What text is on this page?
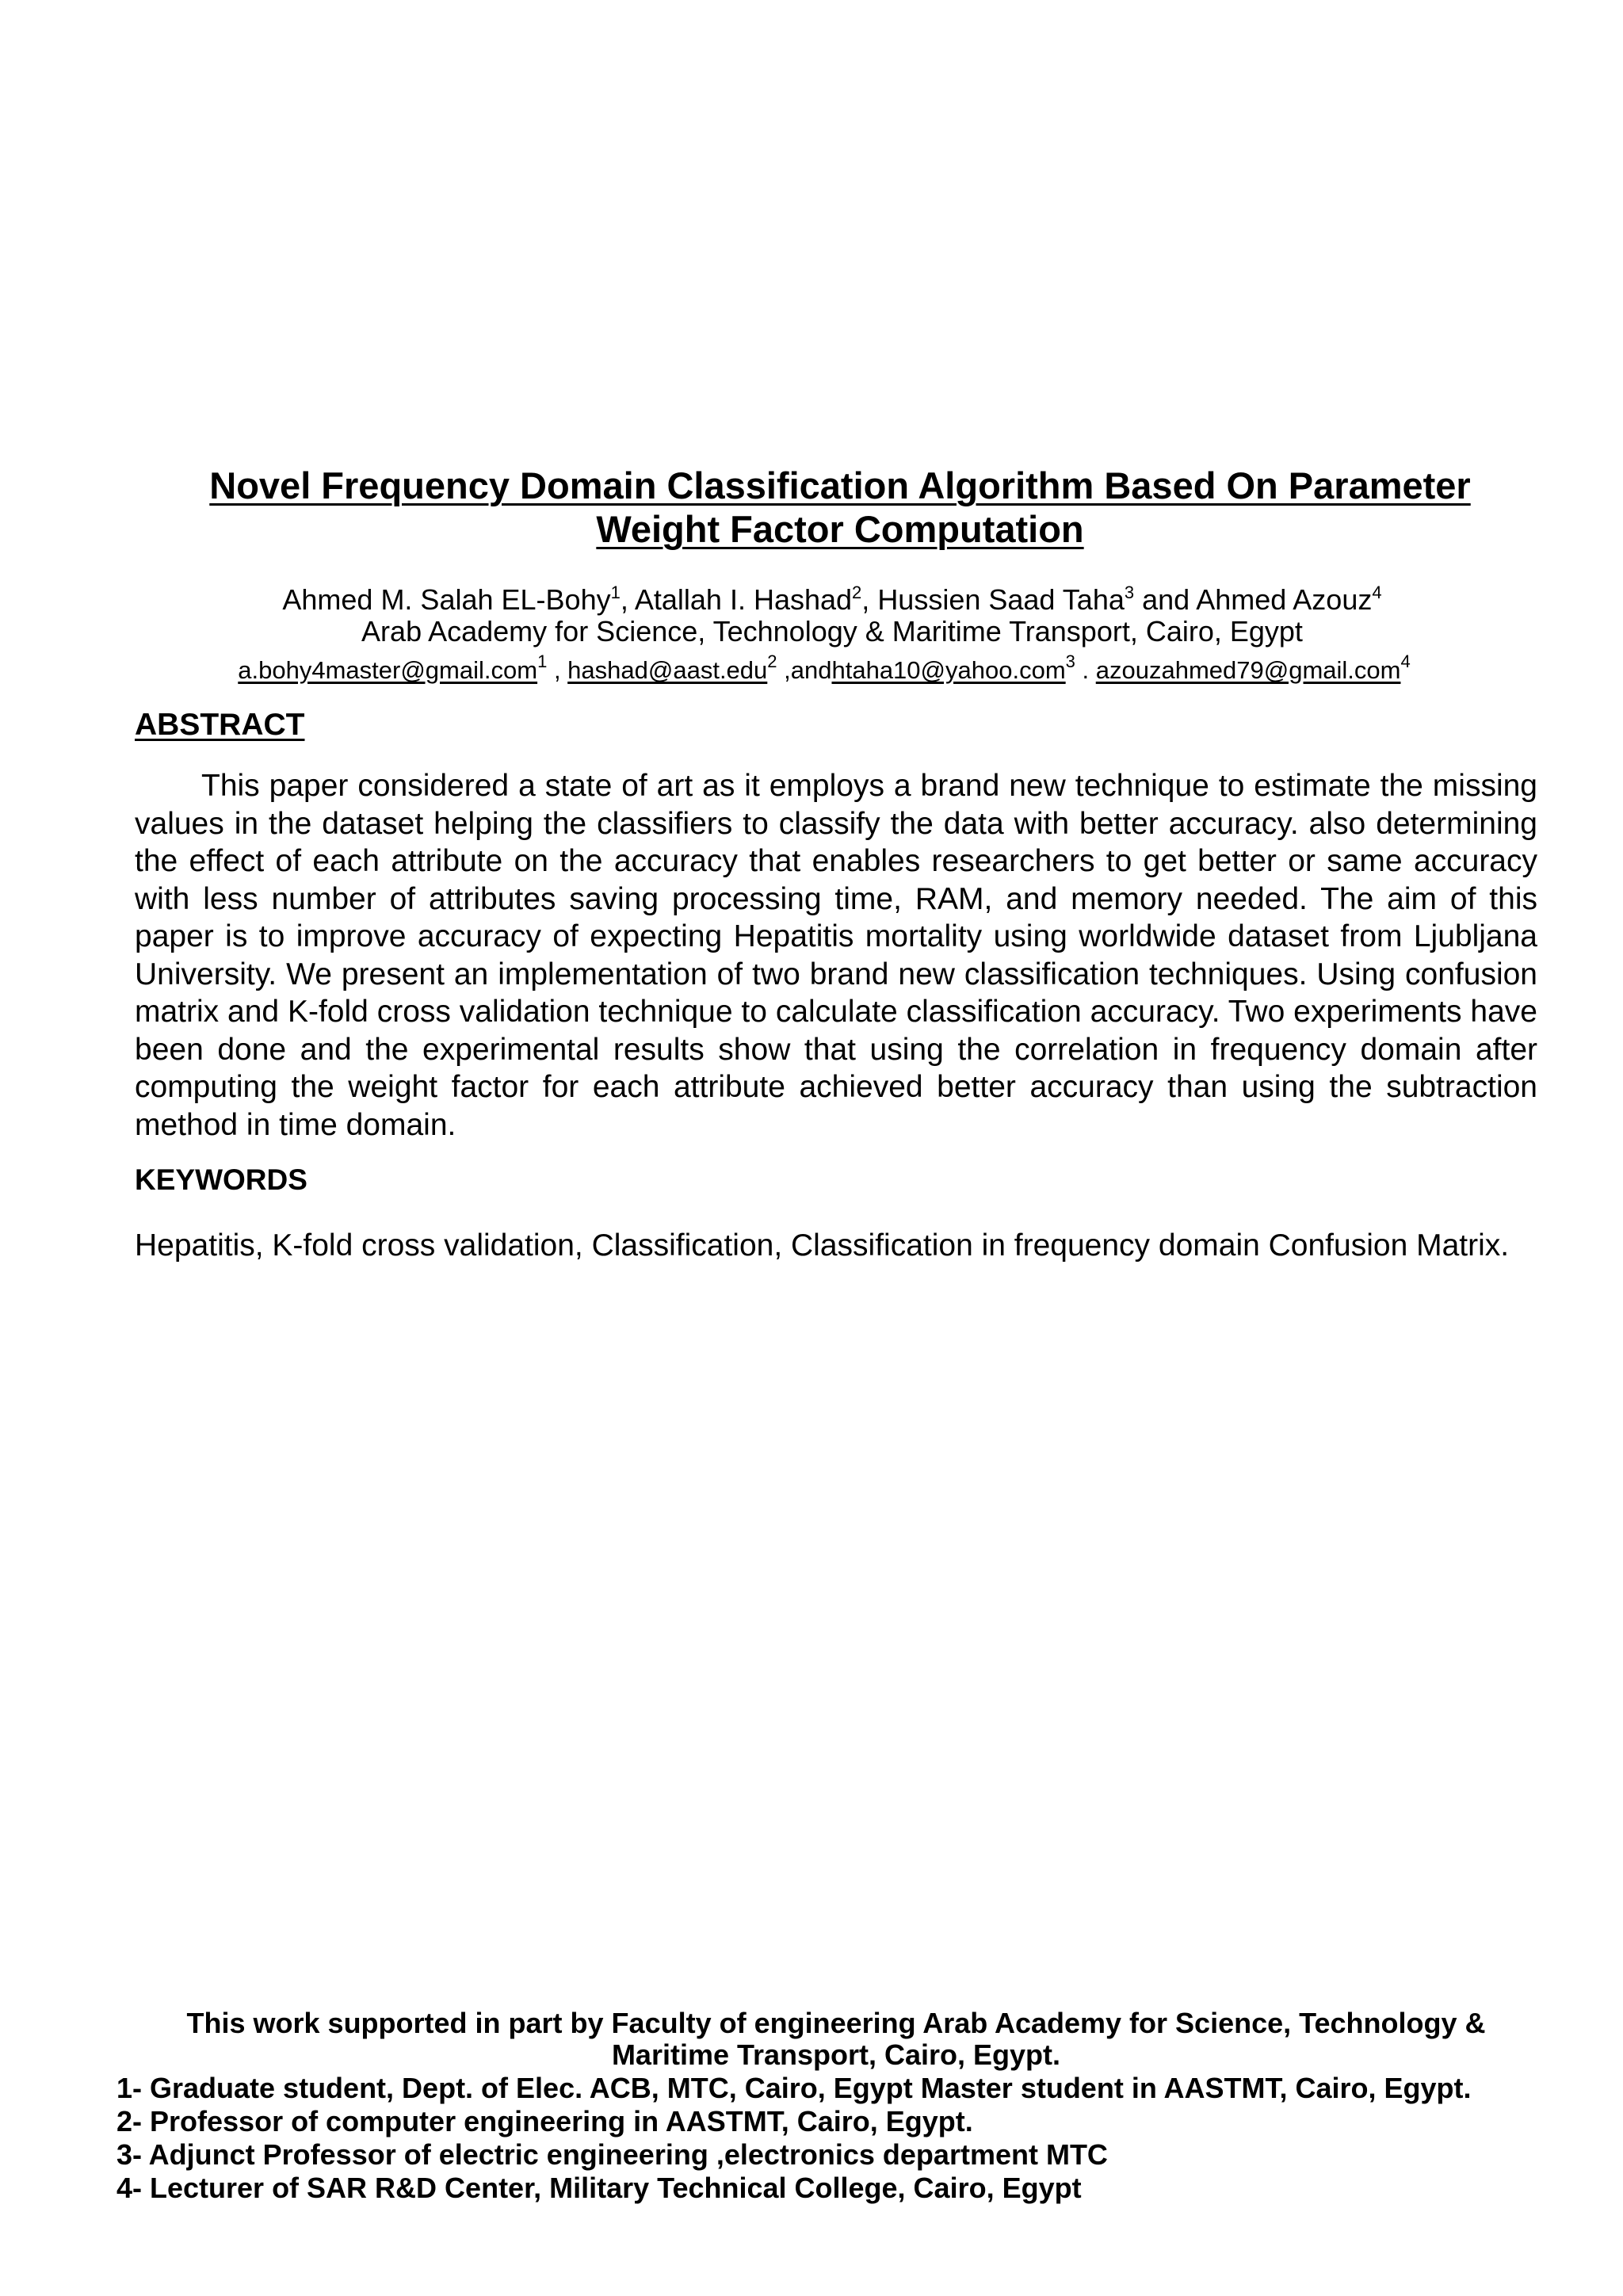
Novel Frequency Domain Classification Algorithm Based On Parameter
Weight Factor Computation
Ahmed M. Salah EL-Bohy$^1$, Atallah I. Hashad$^2$, Hussien Saad Taha$^3$ and Ahmed Azouz$^4$
Arab Academy for Science, Technology & Maritime Transport, Cairo, Egypt
a.bohy4master@gmail.com$^1$ , hashad@aast.edu$^2$ ,andhtaha10@yahoo.com$^3$ . azouzahmed79@gmail.com$^4$
ABSTRACT
This paper considered a state of art as it employs a brand new technique to estimate the missing values in the dataset helping the classifiers to classify the data with better accuracy. also determining the effect of each attribute on the accuracy that enables researchers to get better or same accuracy with less number of attributes saving processing time, RAM, and memory needed. The aim of this paper is to improve accuracy of expecting Hepatitis mortality using worldwide dataset from Ljubljana University. We present an implementation of two brand new classification techniques. Using confusion matrix and K-fold cross validation technique to calculate classification accuracy. Two experiments have been done and the experimental results show that using the correlation in frequency domain after computing the weight factor for each attribute achieved better accuracy than using the subtraction method in time domain.
KEYWORDS
Hepatitis, K-fold cross validation, Classification, Classification in frequency domain Confusion Matrix.
This work supported in part by Faculty of engineering Arab Academy for Science, Technology & Maritime Transport, Cairo, Egypt.
1- Graduate student, Dept. of Elec. ACB, MTC, Cairo, Egypt Master student in AASTMT, Cairo, Egypt.
2- Professor of computer engineering in AASTMT, Cairo, Egypt.
3- Adjunct Professor of electric engineering ,electronics department MTC
4- Lecturer of SAR R&D Center, Military Technical College, Cairo, Egypt
